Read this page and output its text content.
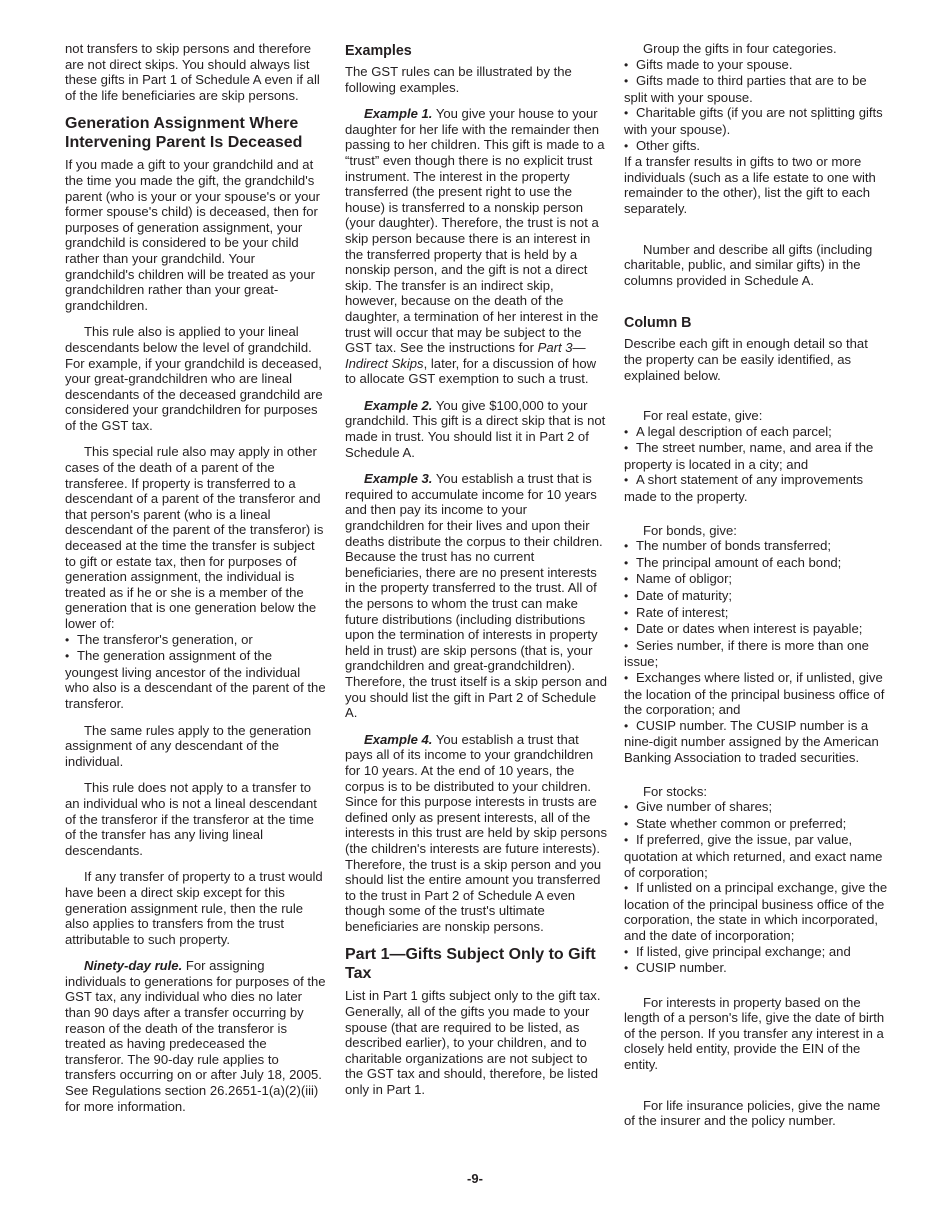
not transfers to skip persons and therefore are not direct skips. You should always list these gifts in Part 1 of Schedule A even if all of the life beneficiaries are skip persons.

Generation Assignment Where Intervening Parent Is Deceased

If you made a gift to your grandchild and at the time you made the gift, the grandchild's parent (who is your or your spouse's or your former spouse's child) is deceased, then for purposes of generation assignment, your grandchild is considered to be your child rather than your grandchild. Your grandchild's children will be treated as your grandchildren rather than your great-grandchildren.

This rule also is applied to your lineal descendants below the level of grandchild. For example, if your grandchild is deceased, your great-grandchildren who are lineal descendants of the deceased grandchild are considered your grandchildren for purposes of the GST tax.

This special rule also may apply in other cases of the death of a parent of the transferee. If property is transferred to a descendant of a parent of the transferor and that person's parent (who is a lineal descendant of the parent of the transferor) is deceased at the time the transfer is subject to gift or estate tax, then for purposes of generation assignment, the individual is treated as if he or she is a member of the generation that is one generation below the lower of:

• The transferor's generation, or
• The generation assignment of the youngest living ancestor of the individual who also is a descendant of the parent of the transferor.

The same rules apply to the generation assignment of any descendant of the individual.

This rule does not apply to a transfer to an individual who is not a lineal descendant of the transferor if the transferor at the time of the transfer has any living lineal descendants.

If any transfer of property to a trust would have been a direct skip except for this generation assignment rule, then the rule also applies to transfers from the trust attributable to such property.

Ninety-day rule. For assigning individuals to generations for purposes of the GST tax, any individual who dies no later than 90 days after a transfer occurring by reason of the death of the transferor is treated as having predeceased the transferor. The 90-day rule applies to transfers occurring on or after July 18, 2005. See Regulations section 26.2651-1(a)(2)(iii) for more information.

Examples

The GST rules can be illustrated by the following examples.

Example 1. You give your house to your daughter for her life with the remainder then passing to her children. This gift is made to a “trust” even though there is no explicit trust instrument. The interest in the property transferred (the present right to use the house) is transferred to a nonskip person (your daughter). Therefore, the trust is not a skip person because there is an interest in the transferred property that is held by a nonskip person, and the gift is not a direct skip. The transfer is an indirect skip, however, because on the death of the daughter, a termination of her interest in the trust will occur that may be subject to the GST tax. See the instructions for Part 3—Indirect Skips, later, for a discussion of how to allocate GST exemption to such a trust.

Example 2. You give $100,000 to your grandchild. This gift is a direct skip that is not made in trust. You should list it in Part 2 of Schedule A.

Example 3. You establish a trust that is required to accumulate income for 10 years and then pay its income to your grandchildren for their lives and upon their deaths distribute the corpus to their children. Because the trust has no current beneficiaries, there are no present interests in the property transferred to the trust. All of the persons to whom the trust can make future distributions (including distributions upon the termination of interests in property held in trust) are skip persons (that is, your grandchildren and great-grandchildren). Therefore, the trust itself is a skip person and you should list the gift in Part 2 of Schedule A.

Example 4. You establish a trust that pays all of its income to your grandchildren for 10 years. At the end of 10 years, the corpus is to be distributed to your children. Since for this purpose interests in trusts are defined only as present interests, all of the interests in this trust are held by skip persons (the children's interests are future interests). Therefore, the trust is a skip person and you should list the entire amount you transferred to the trust in Part 2 of Schedule A even though some of the trust's ultimate beneficiaries are nonskip persons.

Part 1—Gifts Subject Only to Gift Tax

List in Part 1 gifts subject only to the gift tax. Generally, all of the gifts you made to your spouse (that are required to be listed, as described earlier), to your children, and to charitable organizations are not subject to the GST tax and should, therefore, be listed only in Part 1.

Group the gifts in four categories.

• Gifts made to your spouse.
• Gifts made to third parties that are to be split with your spouse.
• Charitable gifts (if you are not splitting gifts with your spouse).
• Other gifts.

If a transfer results in gifts to two or more individuals (such as a life estate to one with remainder to the other), list the gift to each separately.

Number and describe all gifts (including charitable, public, and similar gifts) in the columns provided in Schedule A.

Column B

Describe each gift in enough detail so that the property can be easily identified, as explained below.

For real estate, give:

• A legal description of each parcel;
• The street number, name, and area if the property is located in a city; and
• A short statement of any improvements made to the property.

For bonds, give:

• The number of bonds transferred;
• The principal amount of each bond;
• Name of obligor;
• Date of maturity;
• Rate of interest;
• Date or dates when interest is payable;
• Series number, if there is more than one issue;
• Exchanges where listed or, if unlisted, give the location of the principal business office of the corporation; and
• CUSIP number. The CUSIP number is a nine-digit number assigned by the American Banking Association to traded securities.

For stocks:

• Give number of shares;
• State whether common or preferred;
• If preferred, give the issue, par value, quotation at which returned, and exact name of corporation;
• If unlisted on a principal exchange, give the location of the principal business office of the corporation, the state in which incorporated, and the date of incorporation;
• If listed, give principal exchange; and
• CUSIP number.

For interests in property based on the length of a person's life, give the date of birth of the person. If you transfer any interest in a closely held entity, provide the EIN of the entity.

For life insurance policies, give the name of the insurer and the policy number.

-9-
